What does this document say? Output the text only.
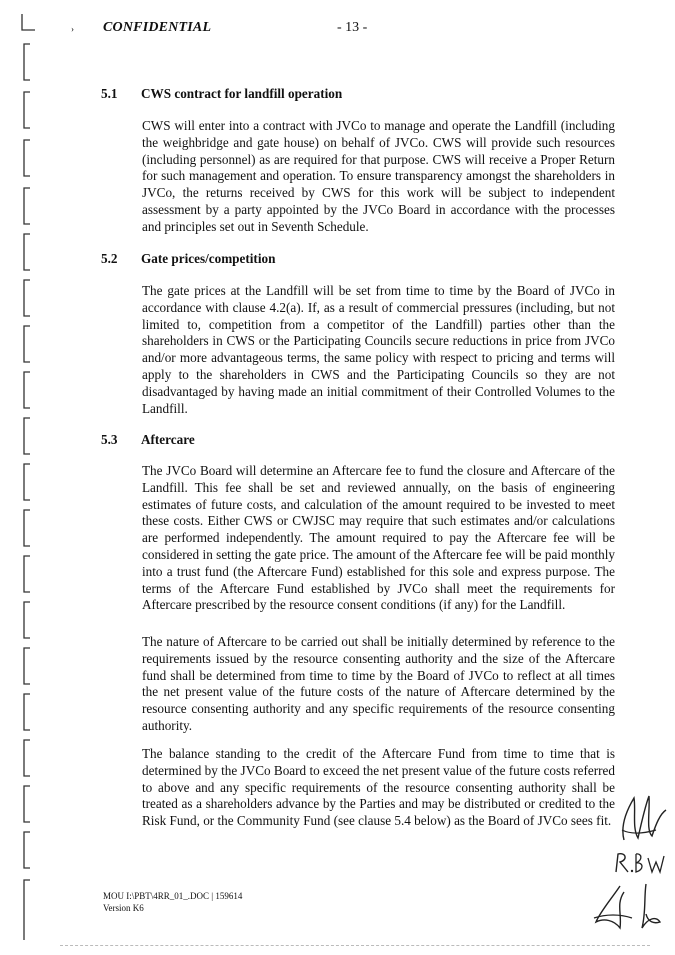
› CONFIDENTIAL	- 13 -
5.1 CWS contract for landfill operation
CWS will enter into a contract with JVCo to manage and operate the Landfill (including the weighbridge and gate house) on behalf of JVCo. CWS will provide such resources (including personnel) as are required for that purpose. CWS will receive a Proper Return for such management and operation. To ensure transparency amongst the shareholders in JVCo, the returns received by CWS for this work will be subject to independent assessment by a party appointed by the JVCo Board in accordance with the processes and principles set out in Seventh Schedule.
5.2 Gate prices/competition
The gate prices at the Landfill will be set from time to time by the Board of JVCo in accordance with clause 4.2(a). If, as a result of commercial pressures (including, but not limited to, competition from a competitor of the Landfill) parties other than the shareholders in CWS or the Participating Councils secure reductions in price from JVCo and/or more advantageous terms, the same policy with respect to pricing and terms will apply to the shareholders in CWS and the Participating Councils so they are not disadvantaged by having made an initial commitment of their Controlled Volumes to the Landfill.
5.3 Aftercare
The JVCo Board will determine an Aftercare fee to fund the closure and Aftercare of the Landfill. This fee shall be set and reviewed annually, on the basis of engineering estimates of future costs, and calculation of the amount required to be invested to meet these costs. Either CWS or CWJSC may require that such estimates and/or calculations are performed independently. The amount required to pay the Aftercare fee will be considered in setting the gate price. The amount of the Aftercare fee will be paid monthly into a trust fund (the Aftercare Fund) established for this sole and express purpose. The terms of the Aftercare Fund established by JVCo shall meet the requirements for Aftercare prescribed by the resource consent conditions (if any) for the Landfill.
The nature of Aftercare to be carried out shall be initially determined by reference to the requirements issued by the resource consenting authority and the size of the Aftercare fund shall be determined from time to time by the Board of JVCo to reflect at all times the net present value of the future costs of the nature of Aftercare determined by the resource consenting authority and any specific requirements of the resource consenting authority.
The balance standing to the credit of the Aftercare Fund from time to time that is determined by the JVCo Board to exceed the net present value of the future costs referred to above and any specific requirements of the resource consenting authority shall be treated as a shareholders advance by the Parties and may be distributed or credited to the Risk Fund, or the Community Fund (see clause 5.4 below) as the Board of JVCo sees fit.
MOU I:\PBT\4RR_01_.DOC | 159614
Version K6
